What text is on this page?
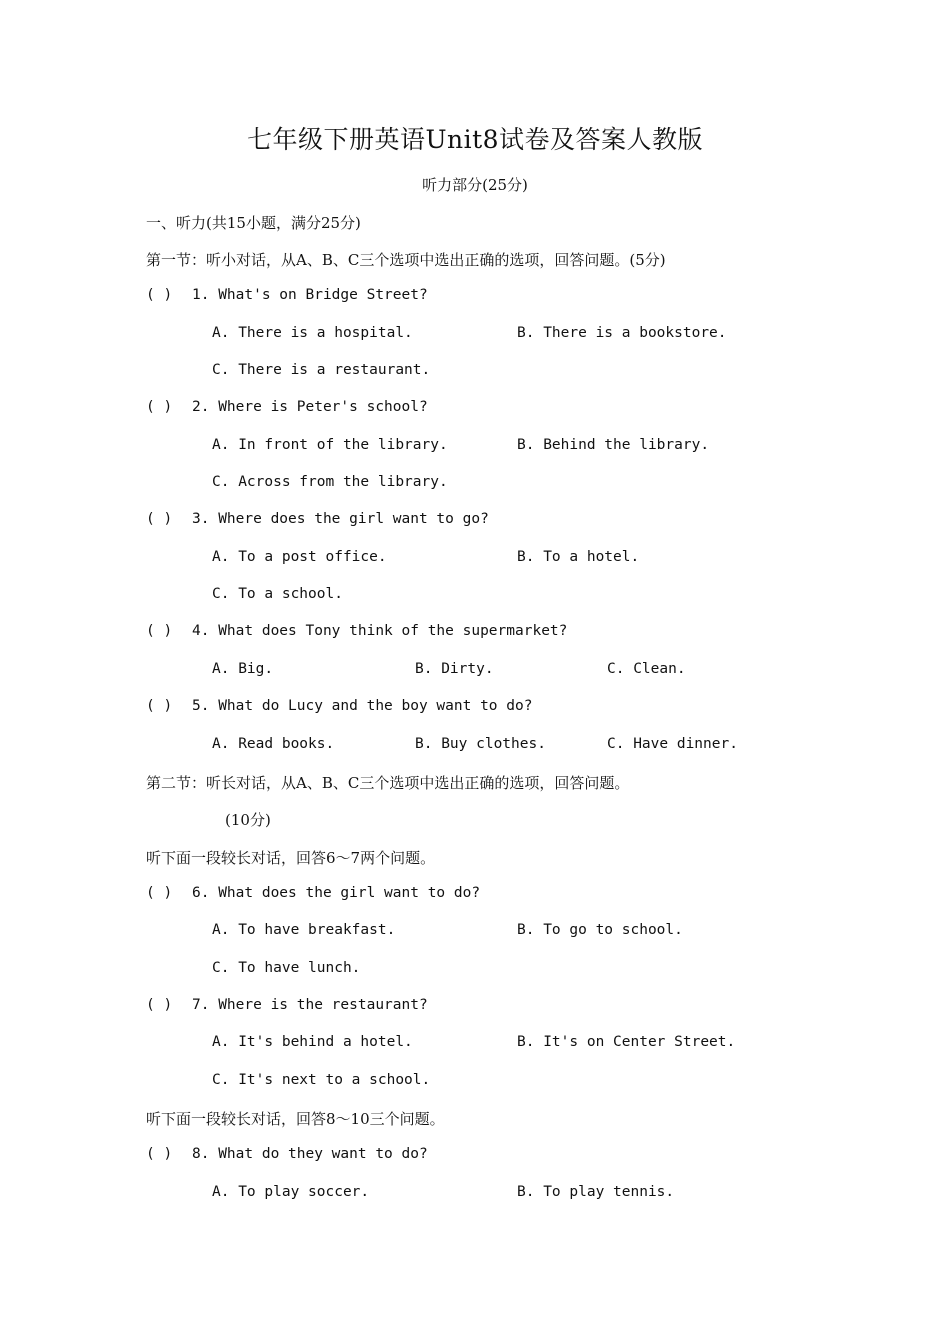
七年级下册英语Unit8试卷及答案人教版
听力部分(25分)
一、听力(共15小题，满分25分)
第一节：听小对话，从A、B、C三个选项中选出正确的选项，回答问题。(5分)
( ) 1. What's on Bridge Street?
A. There is a hospital.	B. There is a bookstore.
C. There is a restaurant.
( ) 2. Where is Peter's school?
A. In front of the library.	B. Behind the library.
C. Across from the library.
( ) 3. Where does the girl want to go?
A. To a post office.	B. To a hotel.
C. To a school.
( ) 4. What does Tony think of the supermarket?
A. Big.	B. Dirty.	C. Clean.
( ) 5. What do Lucy and the boy want to do?
A. Read books.	B. Buy clothes.	C. Have dinner.
第二节：听长对话，从A、B、C三个选项中选出正确的选项，回答问题。
(10分)
听下面一段较长对话，回答6～7两个问题。
( ) 6. What does the girl want to do?
A. To have breakfast.	B. To go to school.
C. To have lunch.
( ) 7. Where is the restaurant?
A. It's behind a hotel.	B. It's on Center Street.
C. It's next to a school.
听下面一段较长对话，回答8～10三个问题。
( ) 8. What do they want to do?
A. To play soccer.	B. To play tennis.
